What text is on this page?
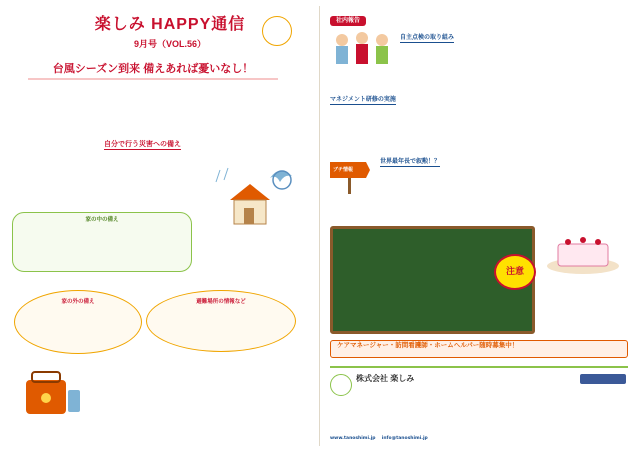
楽しみ HAPPY通信
9月号（VOL.56）
台風シーズン到来 備えあれば憂いなし！
自分で行う災害への備え
家の中の備え
家の外の備え	避難場所の情報など
社内報告
自主点検の取り組み
マネジメント研修の実施
ブチ情報
世界最年長で叙勲！？
注意
ケアマネージャー・訪問看護師・ホームヘルパー随時募集中！
株式会社 楽しみ
www.tanoshimi.jp info@tanoshimi.jp
